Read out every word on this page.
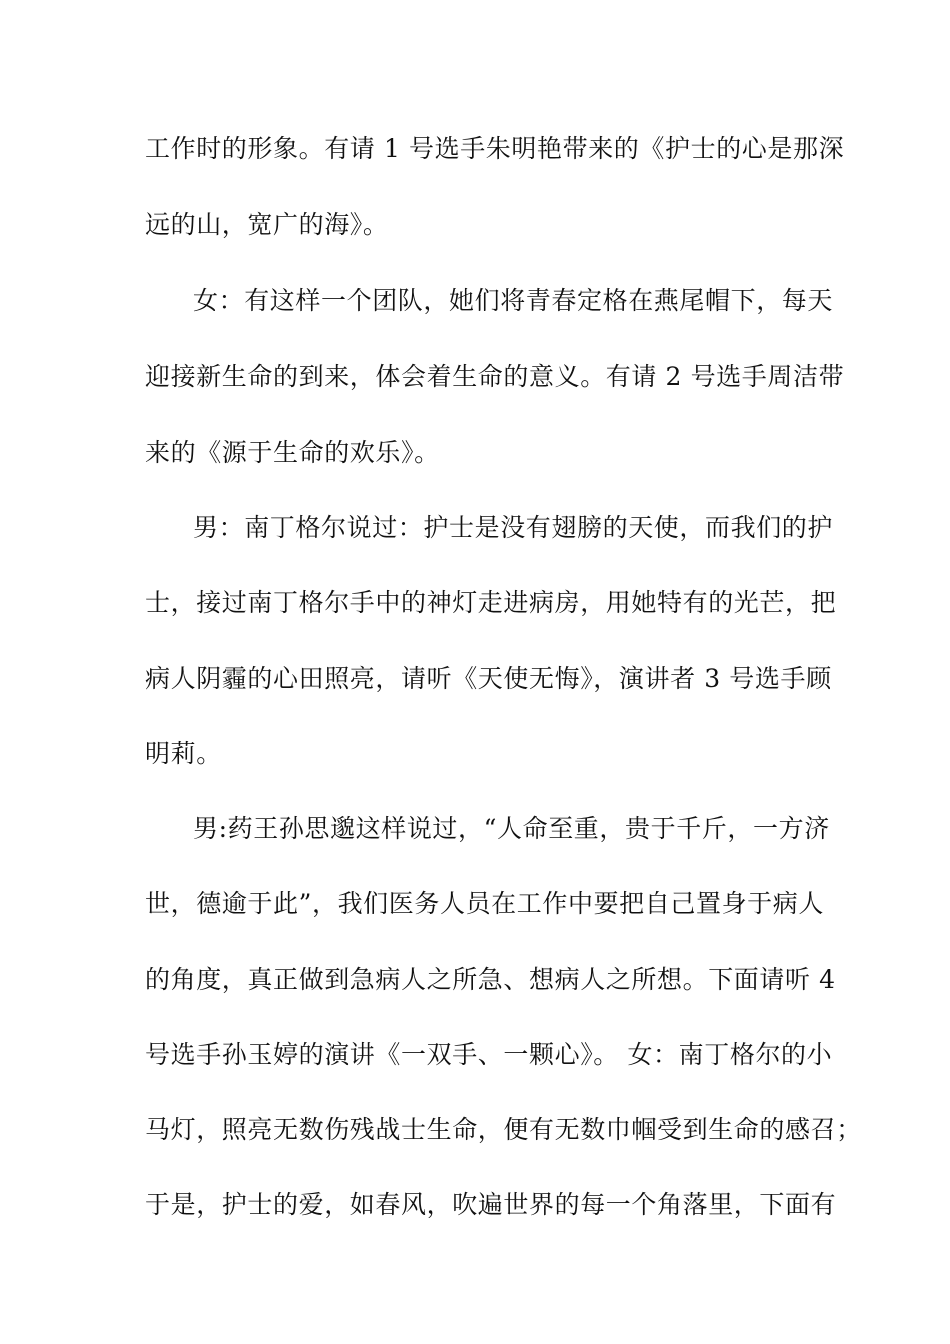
工作时的形象。有请 1 号选手朱明艳带来的《护士的心是那深
远的山，宽广的海》。
女：有这样一个团队，她们将青春定格在燕尾帽下，每天
迎接新生命的到来，体会着生命的意义。有请 2 号选手周洁带
来的《源于生命的欢乐》。
男：南丁格尔说过：护士是没有翅膀的天使，而我们的护
士，接过南丁格尔手中的神灯走进病房，用她特有的光芒，把
病人阴霾的心田照亮，请听《天使无悔》，演讲者 3 号选手顾
明莉。
男:药王孙思邈这样说过，“人命至重，贵于千斤，一方济
世，德逾于此”，我们医务人员在工作中要把自己置身于病人
的角度，真正做到急病人之所急、想病人之所想。下面请听 4
号选手孙玉婷的演讲《一双手、一颗心》。 女：南丁格尔的小
马灯，照亮无数伤残战士生命，便有无数巾帼受到生命的感召；
于是，护士的爱，如春风，吹遍世界的每一个角落里，下面有
